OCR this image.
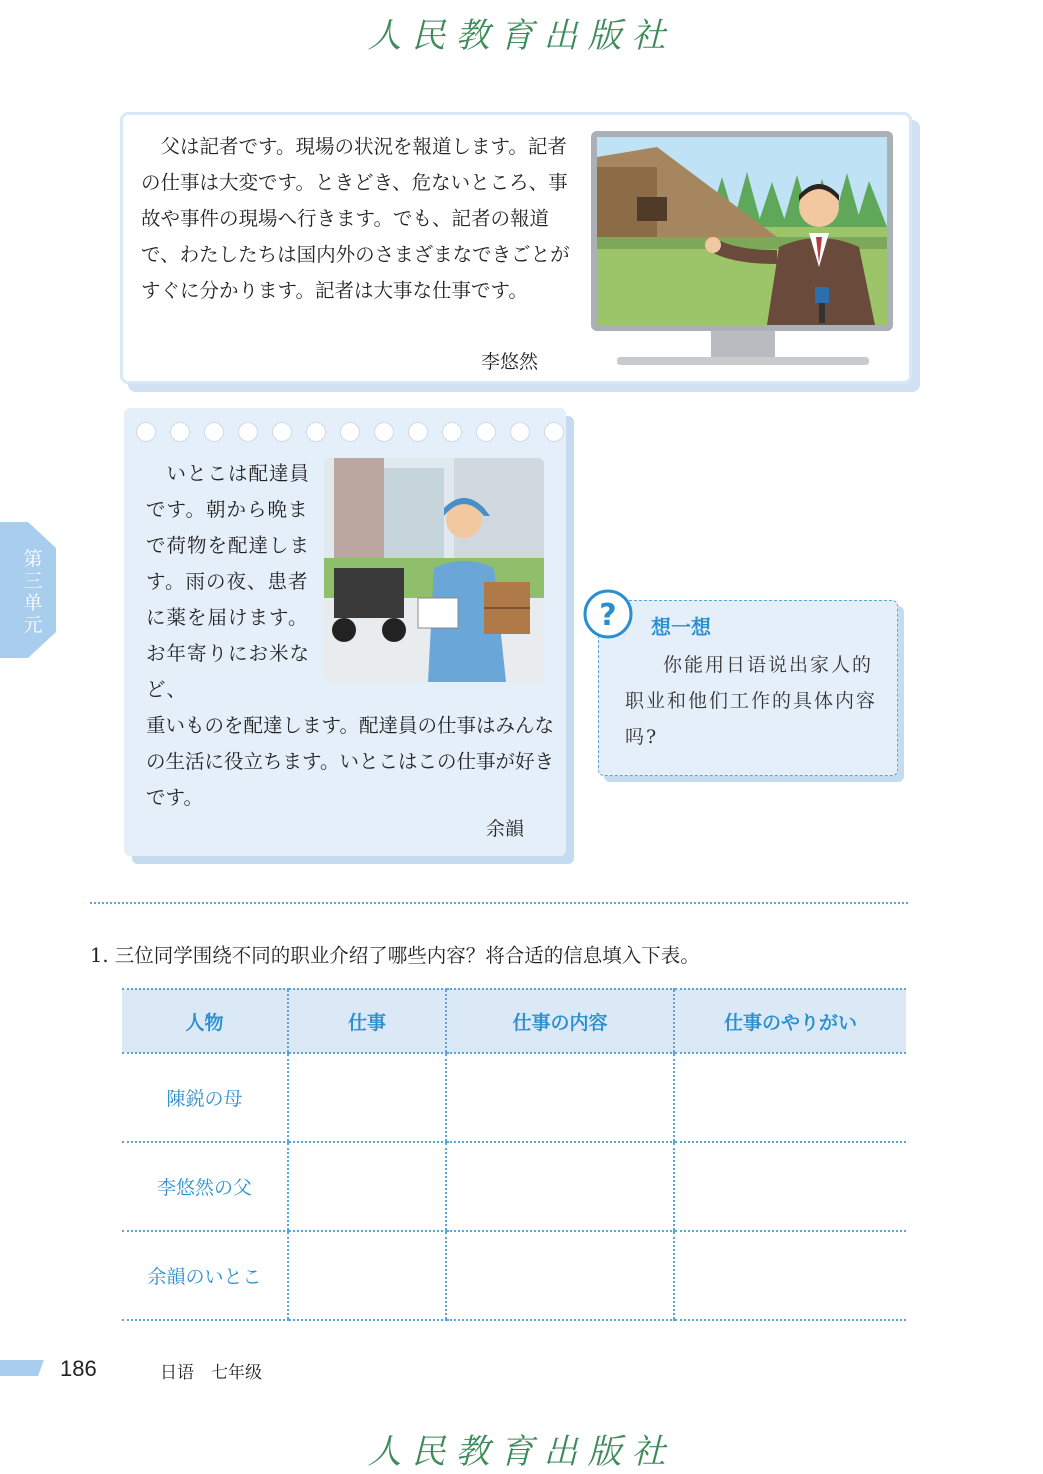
人民教育出版社
人民教育出版社
　父は記者です。現場の状況を報道します。記者の仕事は大変です。ときどき、危ないところ、事故や事件の現場へ行きます。でも、記者の報道で、わたしたちは国内外のさまざまなできごとがすぐに分かります。記者は大事な仕事です。
李悠然
　いとこは配達員です。朝から晩まで荷物を配達します。雨の夜、患者に薬を届けます。お年寄りにお米など、
重いものを配達します。配達員の仕事はみんなの生活に役立ちます。いとこはこの仕事が好きです。
余韻
想一想
你能用日语说出家人的职业和他们工作的具体内容吗?
?
第三单元
1. 三位同学围绕不同的职业介绍了哪些内容？将合适的信息填入下表。
人物	仕事	仕事の内容	仕事のやりがい
陳鋭の母			
李悠然の父			
余韻のいとこ			
186	日语　七年级
